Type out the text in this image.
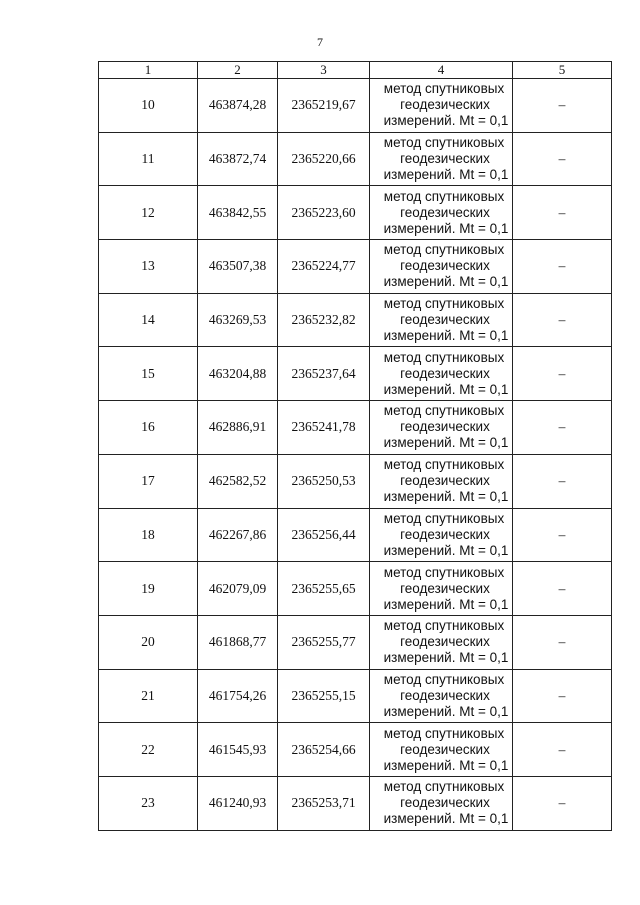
7
1	2	3	4	5
10	463874,28	2365219,67	метод спутниковых
геодезических
измерений. Mt = 0,1	–
11	463872,74	2365220,66	метод спутниковых
геодезических
измерений. Mt = 0,1	–
12	463842,55	2365223,60	метод спутниковых
геодезических
измерений. Mt = 0,1	–
13	463507,38	2365224,77	метод спутниковых
геодезических
измерений. Mt = 0,1	–
14	463269,53	2365232,82	метод спутниковых
геодезических
измерений. Mt = 0,1	–
15	463204,88	2365237,64	метод спутниковых
геодезических
измерений. Mt = 0,1	–
16	462886,91	2365241,78	метод спутниковых
геодезических
измерений. Mt = 0,1	–
17	462582,52	2365250,53	метод спутниковых
геодезических
измерений. Mt = 0,1	–
18	462267,86	2365256,44	метод спутниковых
геодезических
измерений. Mt = 0,1	–
19	462079,09	2365255,65	метод спутниковых
геодезических
измерений. Mt = 0,1	–
20	461868,77	2365255,77	метод спутниковых
геодезических
измерений. Mt = 0,1	–
21	461754,26	2365255,15	метод спутниковых
геодезических
измерений. Mt = 0,1	–
22	461545,93	2365254,66	метод спутниковых
геодезических
измерений. Mt = 0,1	–
23	461240,93	2365253,71	метод спутниковых
геодезических
измерений. Mt = 0,1	–
